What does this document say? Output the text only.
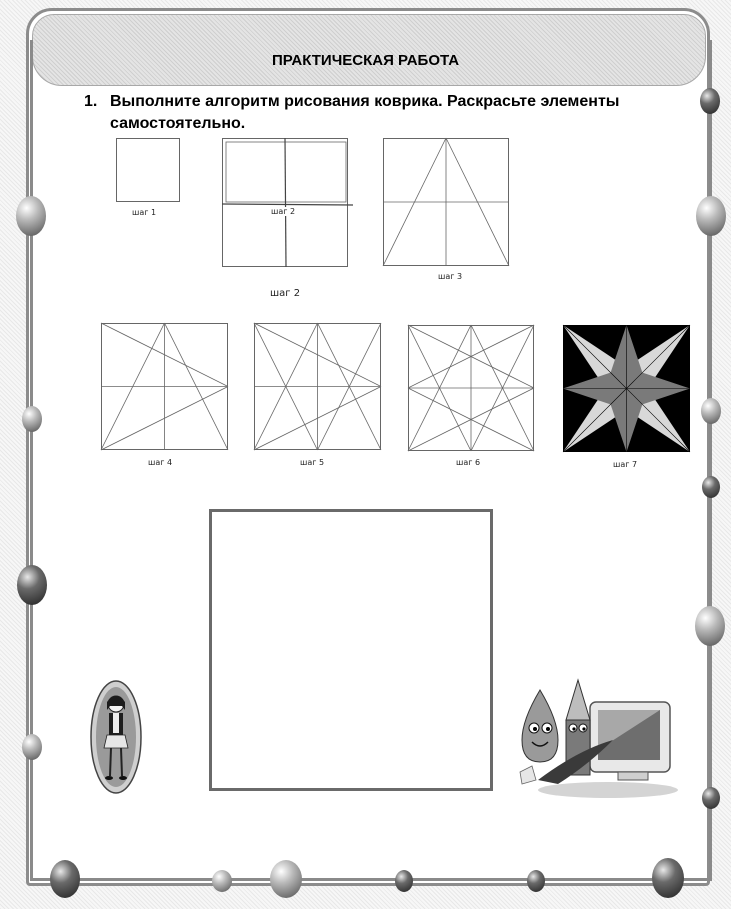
ПРАКТИЧЕСКАЯ РАБОТА
1. Выполните алгоритм рисования коврика. Раскрасьте элементы самостоятельно.
шаг 1	шаг 2
шаг 2
шаг 3
шаг 4	шаг 5	шаг 6	шаг 7
